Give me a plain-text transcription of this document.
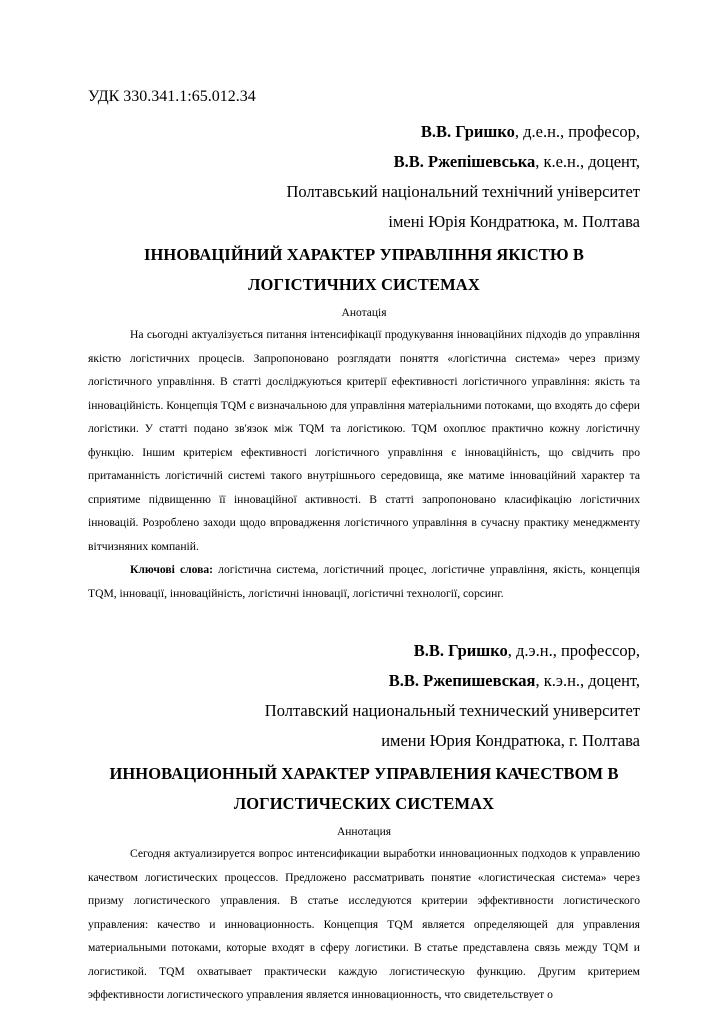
УДК 330.341.1:65.012.34

В.В. Гришко, д.е.н., професор,

В.В. Ржепішевська, к.е.н., доцент,

Полтавський національний технічний університет

імені Юрія Кондратюка, м. Полтава

ІННОВАЦІЙНИЙ ХАРАКТЕР УПРАВЛІННЯ ЯКІСТЮ В
ЛОГІСТИЧНИХ СИСТЕМАХ

Анотація

На сьогодні актуалізується питання інтенсифікації продукування інноваційних підходів до управління якістю логістичних процесів. Запропоновано розглядати поняття «логістична система» через призму логістичного управління. В статті досліджуються критерії ефективності логістичного управління: якість та інноваційність. Концепція TQM є визначальною для управління матеріальними потоками, що входять до сфери логістики. У статті подано зв'язок між TQM та логістикою. TQM охоплює практично кожну логістичну функцію. Іншим критерієм ефективності логістичного управління є інноваційність, що свідчить про притаманність логістичній системі такого внутрішнього середовища, яке матиме інноваційний характер та сприятиме підвищенню її інноваційної активності. В статті запропоновано класифікацію логістичних інновацій. Розроблено заходи щодо впровадження логістичного управління в сучасну практику менеджменту вітчизняних компаній.

Ключові слова: логістична система, логістичний процес, логістичне управління, якість, концепція TQM, інновації, інноваційність, логістичні інновації, логістичні технології, сорсинг.

В.В. Гришко, д.э.н., профессор,

В.В. Ржепишевская, к.э.н., доцент,

Полтавский национальный технический университет

имени Юрия Кондратюка, г. Полтава

ИННОВАЦИОННЫЙ ХАРАКТЕР УПРАВЛЕНИЯ КАЧЕСТВОМ В
ЛОГИСТИЧЕСКИХ СИСТЕМАХ

Аннотация

Сегодня актуализируется вопрос интенсификации выработки инновационных подходов к управлению качеством логистических процессов. Предложено рассматривать понятие «логистическая система» через призму логистического управления. В статье исследуются критерии эффективности логистического управления: качество и инновационность. Концепция TQM является определяющей для управления материальными потоками, которые входят в сферу логистики. В статье представлена связь между TQM и логистикой. TQM охватывает практически каждую логистическую функцию. Другим критерием эффективности логистического управления является инновационность, что свидетельствует о
